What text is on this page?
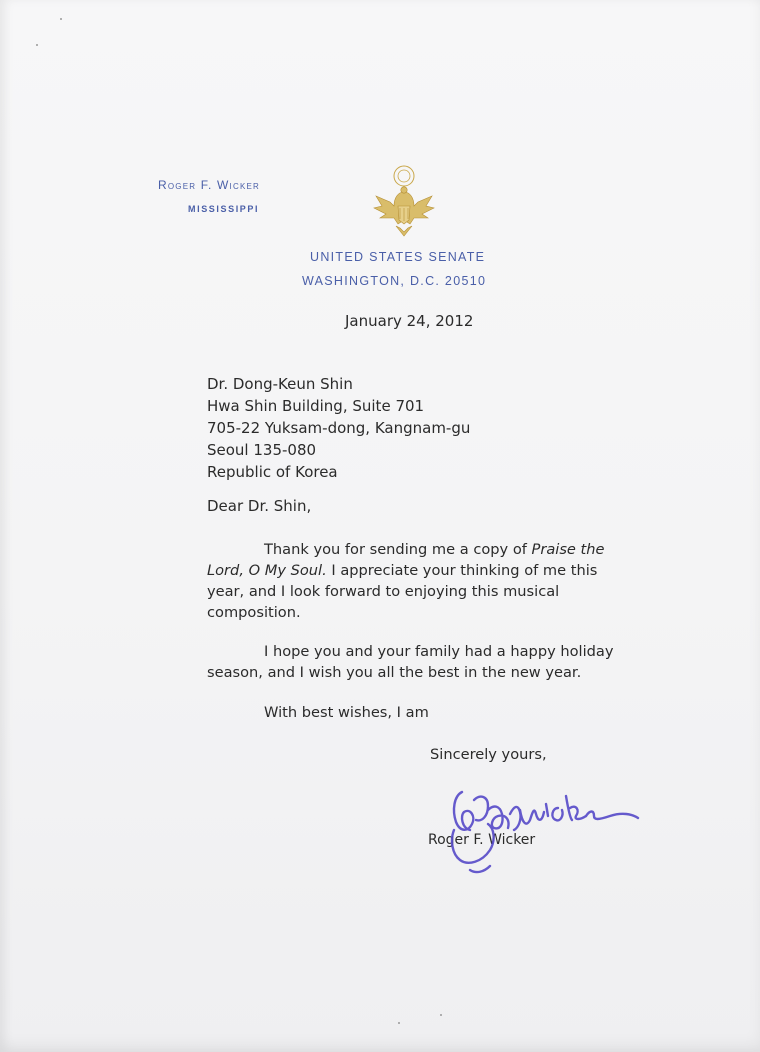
Roger F. Wicker
MISSISSIPPI
UNITED STATES SENATE
WASHINGTON, D.C. 20510
January 24, 2012
Dr. Dong-Keun Shin
Hwa Shin Building, Suite 701
705-22 Yuksam-dong, Kangnam-gu
Seoul 135-080
Republic of Korea
Dear Dr. Shin,
Thank you for sending me a copy of Praise the Lord, O My Soul. I appreciate your thinking of me this year, and I look forward to enjoying this musical composition.
I hope you and your family had a happy holiday season, and I wish you all the best in the new year.
With best wishes, I am
Sincerely yours,
Roger F. Wicker
